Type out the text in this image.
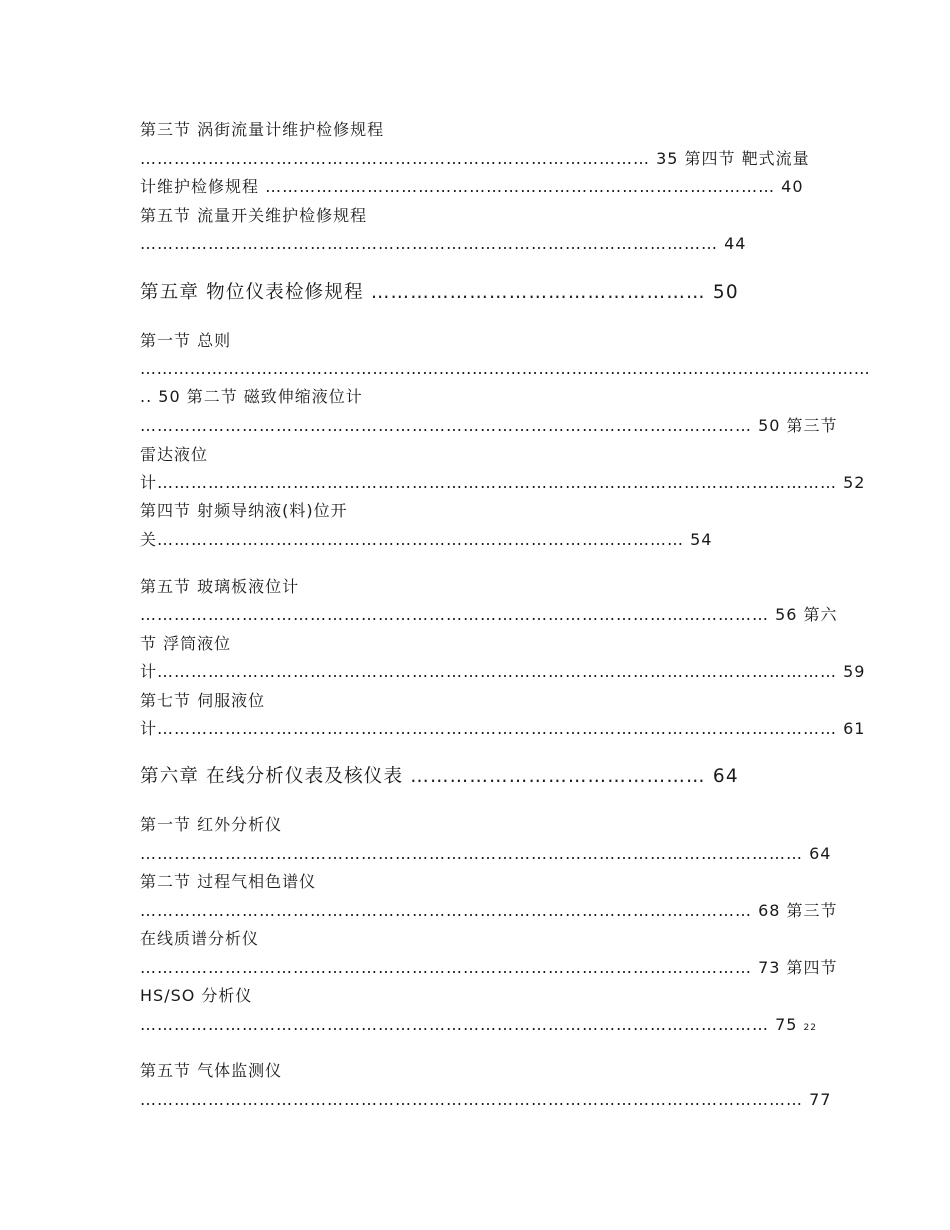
第三节 涡街流量计维护检修规程
……………………………………………………………………………… 35 第四节 靶式流量
计维护检修规程 ……………………………………………………………………………… 40
第五节 流量开关维护检修规程
………………………………………………………………………………………… 44
第五章 物位仪表检修规程 …………………………………………… 50
第一节 总则
……………………………………………………………………………………………………………………
.. 50 第二节 磁致伸缩液位计
……………………………………………………………………………………………… 50 第三节
雷达液位
计………………………………………………………………………………………………………… 52
第四节 射频导纳液(料)位开
关………………………………………………………………………………… 54
第五节 玻璃板液位计
………………………………………………………………………………………………… 56 第六
节 浮筒液位
计………………………………………………………………………………………………………… 59
第七节 伺服液位
计………………………………………………………………………………………………………… 61
第六章 在线分析仪表及核仪表 ……………………………………… 64
第一节 红外分析仪
……………………………………………………………………………………………………… 64
第二节 过程气相色谱仪
……………………………………………………………………………………………… 68 第三节
在线质谱分析仪
……………………………………………………………………………………………… 73 第四节
HS/SO 分析仪
………………………………………………………………………………………………… 75 22
第五节 气体监测仪
……………………………………………………………………………………………………… 77
